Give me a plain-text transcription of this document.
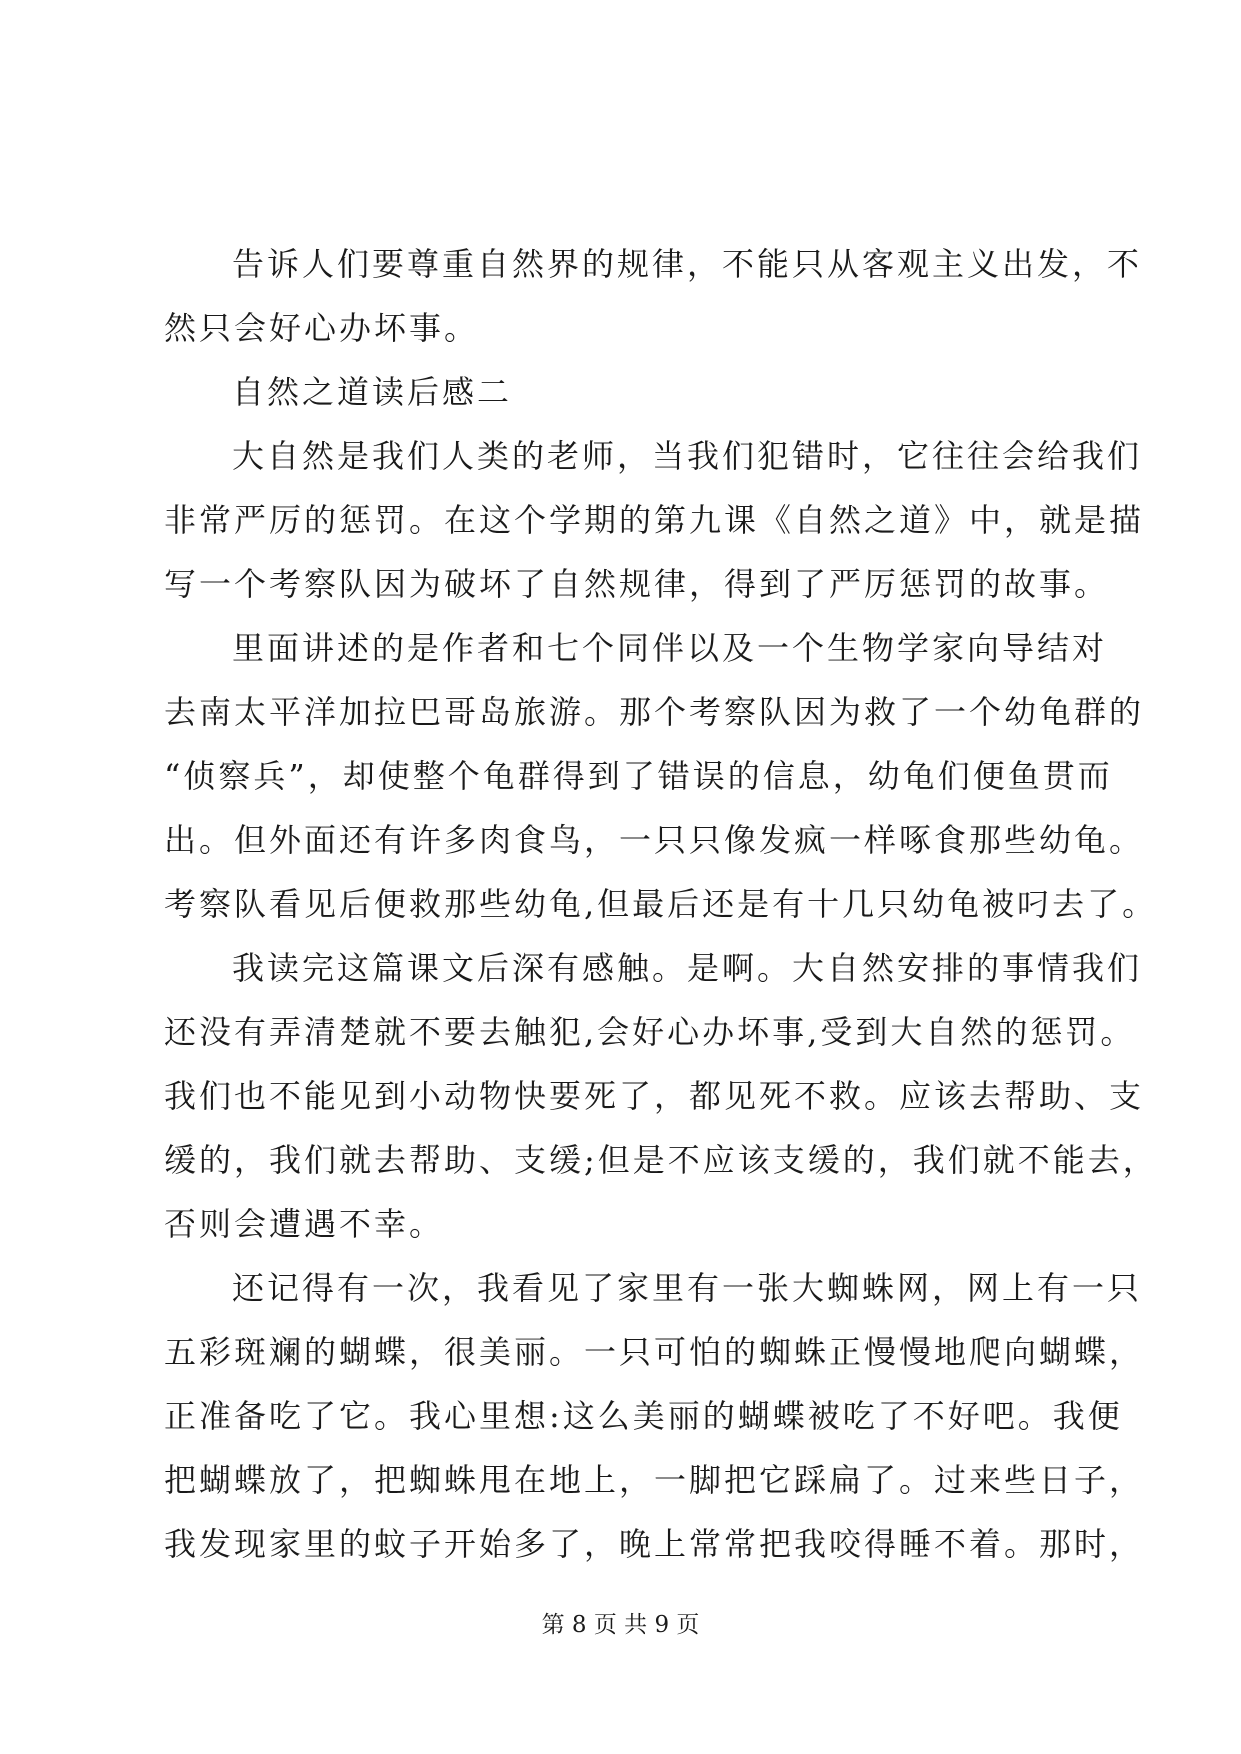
告诉人们要尊重自然界的规律，不能只从客观主义出发，不
然只会好心办坏事。
自然之道读后感二
大自然是我们人类的老师，当我们犯错时，它往往会给我们
非常严厉的惩罚。在这个学期的第九课《自然之道》中，就是描
写一个考察队因为破坏了自然规律，得到了严厉惩罚的故事。
里面讲述的是作者和七个同伴以及一个生物学家向导结对
去南太平洋加拉巴哥岛旅游。那个考察队因为救了一个幼龟群的
“侦察兵”，却使整个龟群得到了错误的信息，幼龟们便鱼贯而
出。但外面还有许多肉食鸟，一只只像发疯一样啄食那些幼龟。
考察队看见后便救那些幼龟,但最后还是有十几只幼龟被叼去了。
我读完这篇课文后深有感触。是啊。大自然安排的事情我们
还没有弄清楚就不要去触犯,会好心办坏事,受到大自然的惩罚。
我们也不能见到小动物快要死了，都见死不救。应该去帮助、支
缓的，我们就去帮助、支缓;但是不应该支缓的，我们就不能去，
否则会遭遇不幸。
还记得有一次，我看见了家里有一张大蜘蛛网，网上有一只
五彩斑斓的蝴蝶，很美丽。一只可怕的蜘蛛正慢慢地爬向蝴蝶，
正准备吃了它。我心里想:这么美丽的蝴蝶被吃了不好吧。我便
把蝴蝶放了，把蜘蛛甩在地上，一脚把它踩扁了。过来些日子，
我发现家里的蚊子开始多了，晚上常常把我咬得睡不着。那时，
第 8 页 共 9 页
